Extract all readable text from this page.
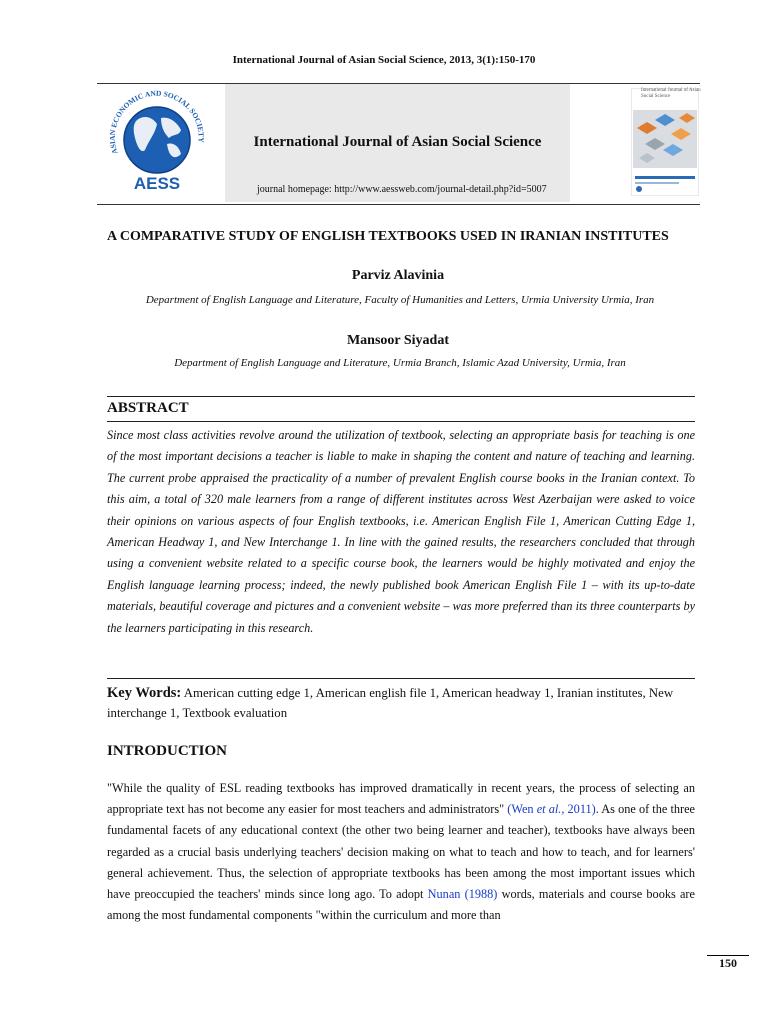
International Journal of Asian Social Science, 2013, 3(1):150-170
ASIAN ECONOMIC AND SOCIAL SOCIETY
AESS
International Journal of Asian Social Science
journal homepage: http://www.aessweb.com/journal-detail.php?id=5007
International Journal of Asian Social Science
A COMPARATIVE STUDY OF ENGLISH TEXTBOOKS USED IN IRANIAN INSTITUTES
Parviz Alavinia
Department of English Language and Literature, Faculty of Humanities and Letters, Urmia University Urmia, Iran
Mansoor Siyadat
Department of English Language and Literature, Urmia Branch, Islamic Azad University, Urmia, Iran
ABSTRACT
Since most class activities revolve around the utilization of textbook, selecting an appropriate basis for teaching is one of the most important decisions a teacher is liable to make in shaping the content and nature of teaching and learning. The current probe appraised the practicality of a number of prevalent English course books in the Iranian context. To this aim, a total of 320 male learners from a range of different institutes across West Azerbaijan were asked to voice their opinions on various aspects of four English textbooks, i.e. American English File 1, American Cutting Edge 1, American Headway 1, and New Interchange 1. In line with the gained results, the researchers concluded that through using a convenient website related to a specific course book, the learners would be highly motivated and enjoy the English language learning process; indeed, the newly published book American English File 1 – with its up-to-date materials, beautiful coverage and pictures and a convenient website – was more preferred than its three counterparts by the learners participating in this research.
Key Words: American cutting edge 1, American english file 1, American headway 1, Iranian institutes, New interchange 1, Textbook evaluation
INTRODUCTION
"While the quality of ESL reading textbooks has improved dramatically in recent years, the process of selecting an appropriate text has not become any easier for most teachers and administrators" (Wen et al., 2011). As one of the three fundamental facets of any educational context (the other two being learner and teacher), textbooks have always been regarded as a crucial basis underlying teachers' decision making on what to teach and how to teach, and for learners' general achievement. Thus, the selection of appropriate textbooks has been among the most important issues which have preoccupied the teachers' minds since long ago. To adopt Nunan (1988) words, materials and course books are among the most fundamental components "within the curriculum and more than
150
